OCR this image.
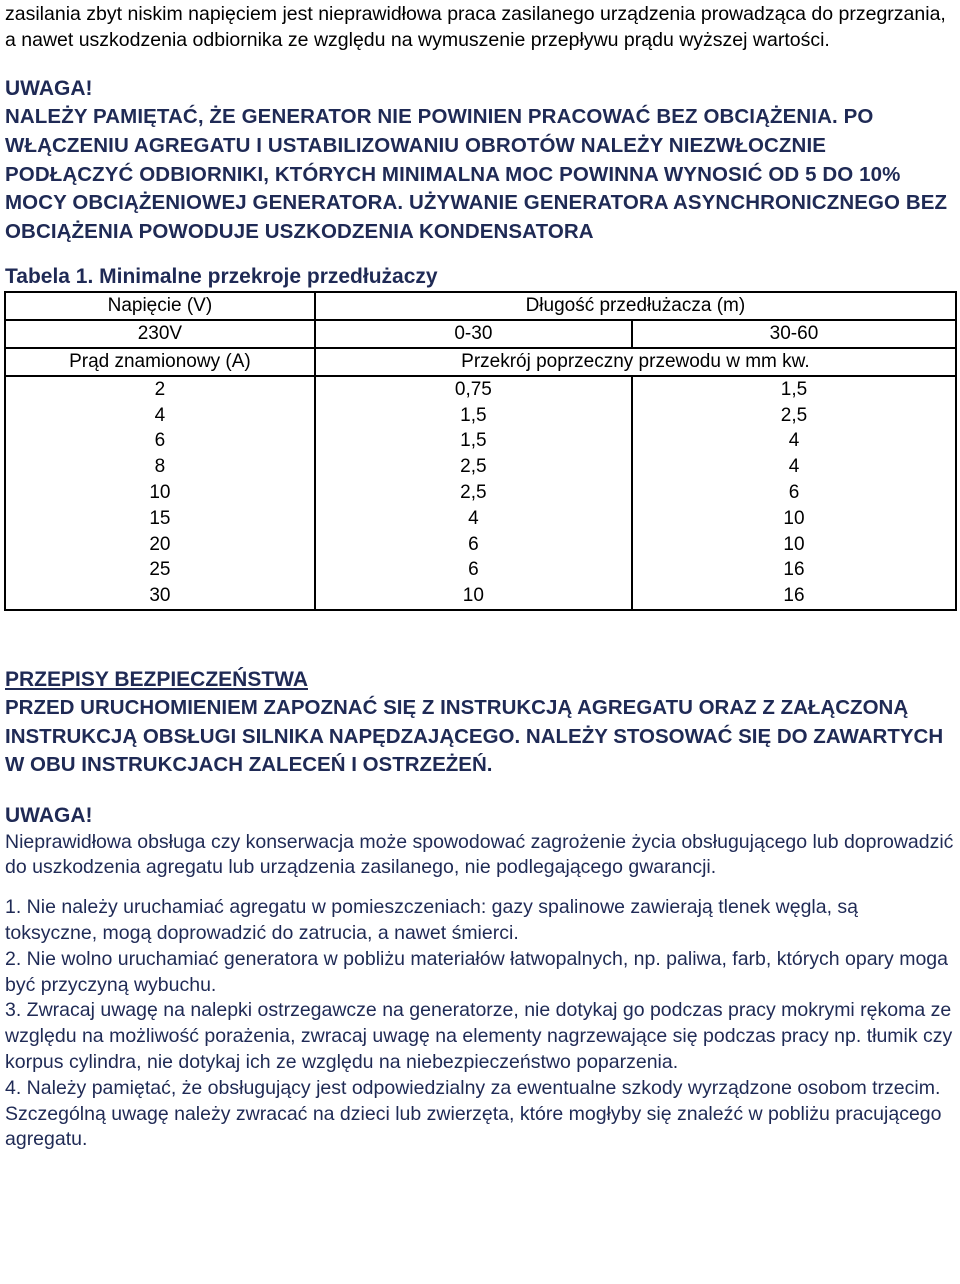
zasilania zbyt niskim napięciem jest nieprawidłowa praca zasilanego urządzenia prowadząca do przegrzania, a nawet uszkodzenia odbiornika ze względu na wymuszenie przepływu prądu wyższej wartości.

UWAGA!

NALEŻY PAMIĘTAĆ, ŻE GENERATOR NIE POWINIEN PRACOWAĆ BEZ OBCIĄŻENIA. PO WŁĄCZENIU AGREGATU I USTABILIZOWANIU OBROTÓW NALEŻY NIEZWŁOCZNIE PODŁĄCZYĆ ODBIORNIKI, KTÓRYCH MINIMALNA MOC POWINNA WYNOSIĆ OD 5 DO 10% MOCY OBCIĄŻENIOWEJ GENERATORA. UŻYWANIE GENERATORA ASYNCHRONICZNEGO BEZ OBCIĄŻENIA POWODUJE USZKODZENIA KONDENSATORA

Tabela 1. Minimalne przekroje przedłużaczy

Napięcie (V)	Długość przedłużacza (m)	
230V	0-30	30-60
Prąd znamionowy (A)	Przekrój poprzeczny przewodu w mm kw.	
2	0,75	1,5
4	1,5	2,5
6	1,5	4
8	2,5	4
10	2,5	6
15	4	10
20	6	10
25	6	16
30	10	16

PRZEPISY BEZPIECZEŃSTWA

PRZED URUCHOMIENIEM ZAPOZNAĆ SIĘ Z INSTRUKCJĄ AGREGATU ORAZ Z ZAŁĄCZONĄ INSTRUKCJĄ OBSŁUGI SILNIKA NAPĘDZAJĄCEGO. NALEŻY STOSOWAĆ SIĘ DO ZAWARTYCH W OBU INSTRUKCJACH ZALECEŃ I OSTRZEŻEŃ.

UWAGA!

Nieprawidłowa obsługa czy konserwacja może spowodować zagrożenie życia obsługującego lub doprowadzić do uszkodzenia agregatu lub urządzenia zasilanego, nie podlegającego gwarancji.

1. Nie należy uruchamiać agregatu w pomieszczeniach: gazy spalinowe zawierają tlenek węgla, są toksyczne, mogą doprowadzić do zatrucia, a nawet śmierci.

2. Nie wolno uruchamiać generatora w pobliżu materiałów łatwopalnych, np. paliwa, farb, których opary moga być przyczyną wybuchu.

3. Zwracaj uwagę na nalepki ostrzegawcze na generatorze, nie dotykaj go podczas pracy mokrymi rękoma ze względu na możliwość porażenia, zwracaj uwagę na elementy nagrzewające się podczas pracy np. tłumik czy korpus cylindra, nie dotykaj ich ze względu na niebezpieczeństwo poparzenia.

4. Należy pamiętać, że obsługujący jest odpowiedzialny za ewentualne szkody wyrządzone osobom trzecim. Szczególną uwagę należy zwracać na dzieci lub zwierzęta, które mogłyby się znaleźć w pobliżu pracującego agregatu.
